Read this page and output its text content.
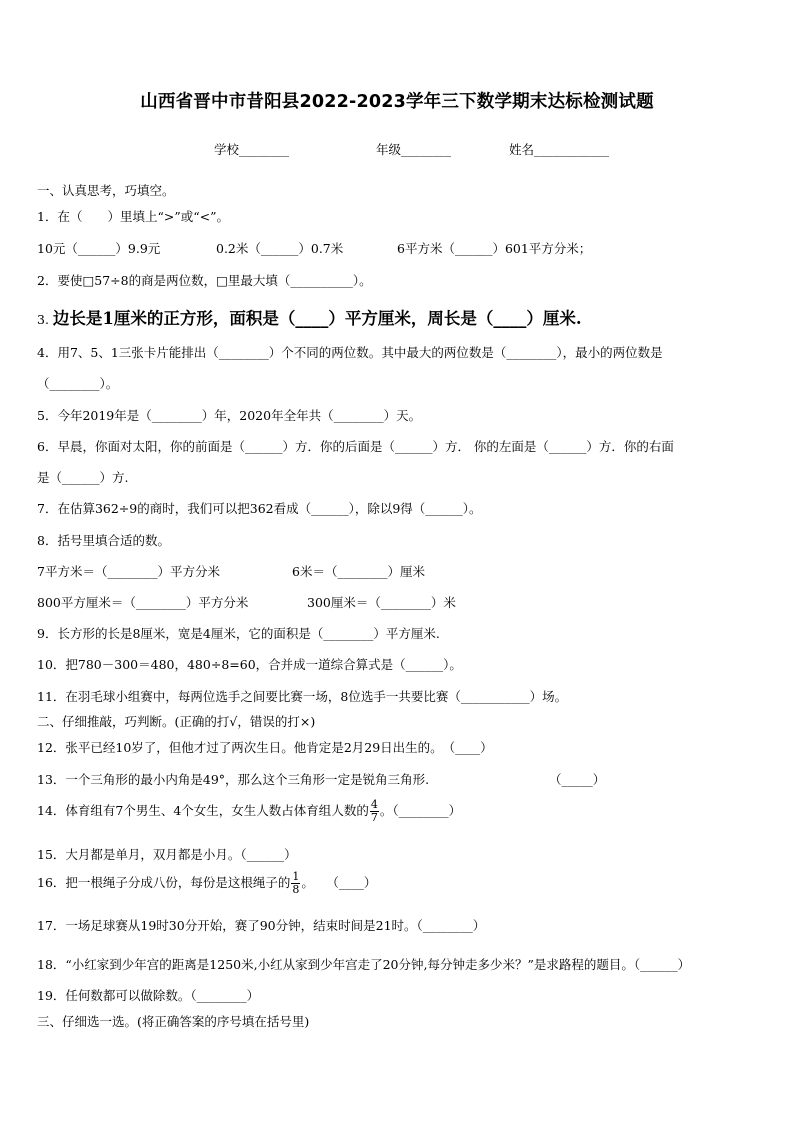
山西省晋中市昔阳县2022-2023学年三下数学期末达标检测试题
学校________	年级________	姓名____________
一、认真思考，巧填空。
1．在（　　）里填上“>”或“<”。
10元（______）9.9元	0.2米（______）0.7米	6平方米（______）601平方分米；
2．要使□57÷8的商是两位数，□里最大填（__________）。
3. 边长是1厘米的正方形，面积是（____）平方厘米，周长是（____）厘米.
4．用7、5、1三张卡片能排出（________）个不同的两位数。其中最大的两位数是（________），最小的两位数是
（________）。
5．今年2019年是（________）年，2020年全年共（________）天。
6．早晨，你面对太阳，你的前面是（______）方．你的后面是（______）方． 你的左面是（______）方．你的右面
是（______）方.
7．在估算362÷9的商时，我们可以把362看成（______），除以9得（______）。
8．括号里填合适的数。
7平方米＝（________）平方分米	6米＝（________）厘米
800平方厘米＝（________）平方分米	300厘米＝（________）米
9．长方形的长是8厘米，宽是4厘米，它的面积是（________）平方厘米.
10．把780－300＝480，480÷8=60，合并成一道综合算式是（______）。
11．在羽毛球小组赛中，每两位选手之间要比赛一场，8位选手一共要比赛（___________）场。
二、仔细推敲，巧判断。(正确的打√，错误的打×)
12．张平已经10岁了，但他才过了两次生日。他肯定是2月29日出生的。　（____）
13．一个三角形的最小内角是49°，那么这个三角形一定是锐角三角形.	（_____）
14．体育组有7个男生、4个女生，女生人数占体育组人数的 $\frac{4}{7}$ 。（________）
15．大月都是单月，双月都是小月。（______）
16．把一根绳子分成八份，每份是这根绳子的 $\frac{1}{8}$ 。　　（____）
17．一场足球赛从19时30分开始，赛了90分钟，结束时间是21时。（________）
18．“小红家到少年宫的距离是1250米,小红从家到少年宫走了20分钟,每分钟走多少米？”是求路程的题目。（______）
19．任何数都可以做除数。（________）
三、仔细选一选。(将正确答案的序号填在括号里)
